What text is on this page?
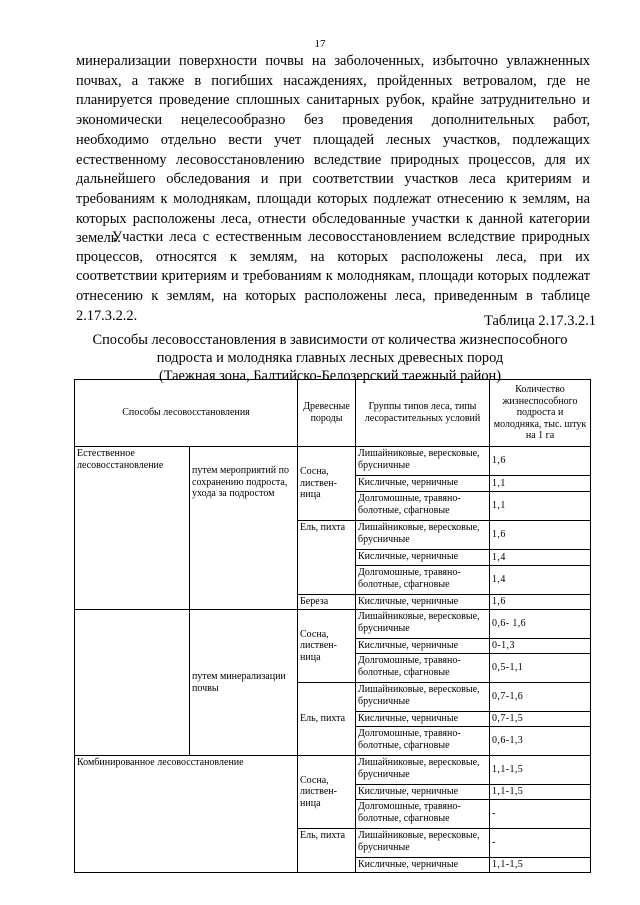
17

минерализации поверхности почвы на заболоченных, избыточно увлажненных почвах, а также в погибших насаждениях, пройденных ветровалом, где не планируется проведение сплошных санитарных рубок, крайне затруднительно и экономически нецелесообразно без проведения дополнительных работ, необходимо отдельно вести учет площадей лесных участков, подлежащих естественному лесовосстановлению вследствие природных процессов, для их дальнейшего обследования и при соответствии участков леса критериям и требованиям к молоднякам, площади которых подлежат отнесению к землям, на которых расположены леса, отнести обследованные участки к данной категории земель.

Участки леса с естественным лесовосстановлением вследствие природных процессов, относятся к землям, на которых расположены леса, при их соответствии критериям и требованиям к молоднякам, площади которых подлежат отнесению к землям, на которых расположены леса, приведенным в таблице 2.17.3.2.2.	Таблица 2.17.3.2.1
Способы лесовосстановления в зависимости от количества жизнеспособного
подроста и молодняка главных лесных древесных пород
(Таежная зона, Балтийско-Белозерский таежный район)
Способы лесовосстановления		Древесные породы	Группы типов леса, типы лесорастительных условий	Количество жизнеспособного подроста и молодняка, тыс. штук на 1 га
Естественное лесовосстановление	путем мероприятий по сохранению подроста, ухода за подростом	Сосна, листвен-ница	Лишайниковые, вересковые, брусничные	1,6
			Кисличные, черничные	1,1
			Долгомошные, травяно-болотные, сфагновые	1,1
		Ель, пихта	Лишайниковые, вересковые, брусничные	1,6
			Кисличные, черничные	1,4
			Долгомошные, травяно-болотные, сфагновые	1,4
		Береза	Кисличные, черничные	1,6
	путем минерализации почвы	Сосна, листвен-ница	Лишайниковые, вересковые, брусничные	0,6- 1,6
			Кисличные, черничные	0-1,3
			Долгомошные, травяно-болотные, сфагновые	0,5-1,1
		Ель, пихта	Лишайниковые, вересковые, брусничные	0,7-1,6
			Кисличные, черничные	0,7-1,5
			Долгомошные, травяно-болотные, сфагновые	0,6-1,3
Комбинированное лесовосстановление		Сосна, листвен-ница	Лишайниковые, вересковые, брусничные	1,1-1,5
			Кисличные, черничные	1,1-1,5
			Долгомошные, травяно-болотные, сфагновые	-
		Ель, пихта	Лишайниковые, вересковые, брусничные	-
			Кисличные, черничные	1,1-1,5
